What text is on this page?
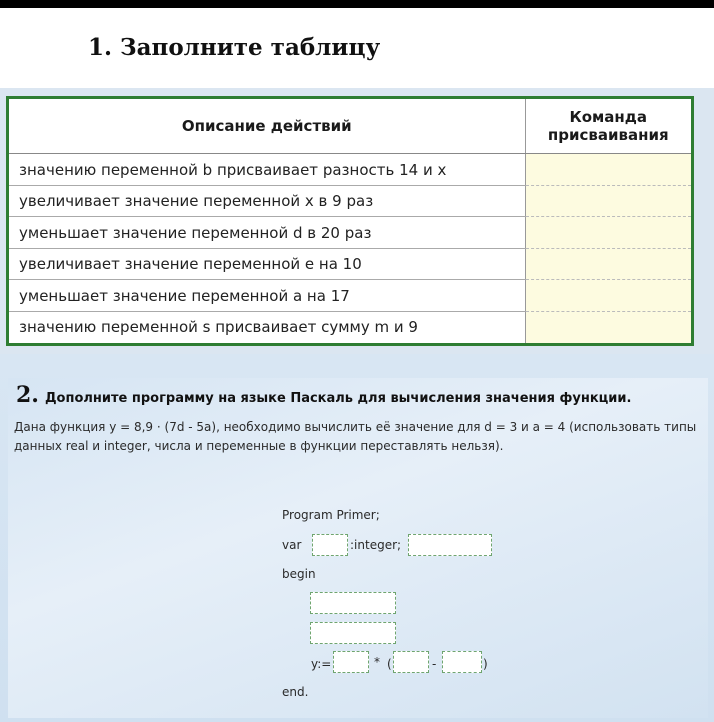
1. Заполните таблицу
Описание действий	Команда присваивания
значению переменной b присваивает разность 14 и x	
увеличивает значение переменной x в 9 раз	
уменьшает значение переменной d в 20 раз	
увеличивает значение переменной e на 10	
уменьшает значение переменной a на 17	
значению переменной s присваивает сумму m и 9	
2. Дополните программу на языке Паскаль для вычисления значения функции.
Дана функция y = 8,9 · (7d - 5a), необходимо вычислить её значение для d = 3 и a = 4 (использовать типы данных real и integer, числа и переменные в функции переставлять нельзя).
Program Primer;
var	:integer;
begin
y:=	* (	-	)
end.
